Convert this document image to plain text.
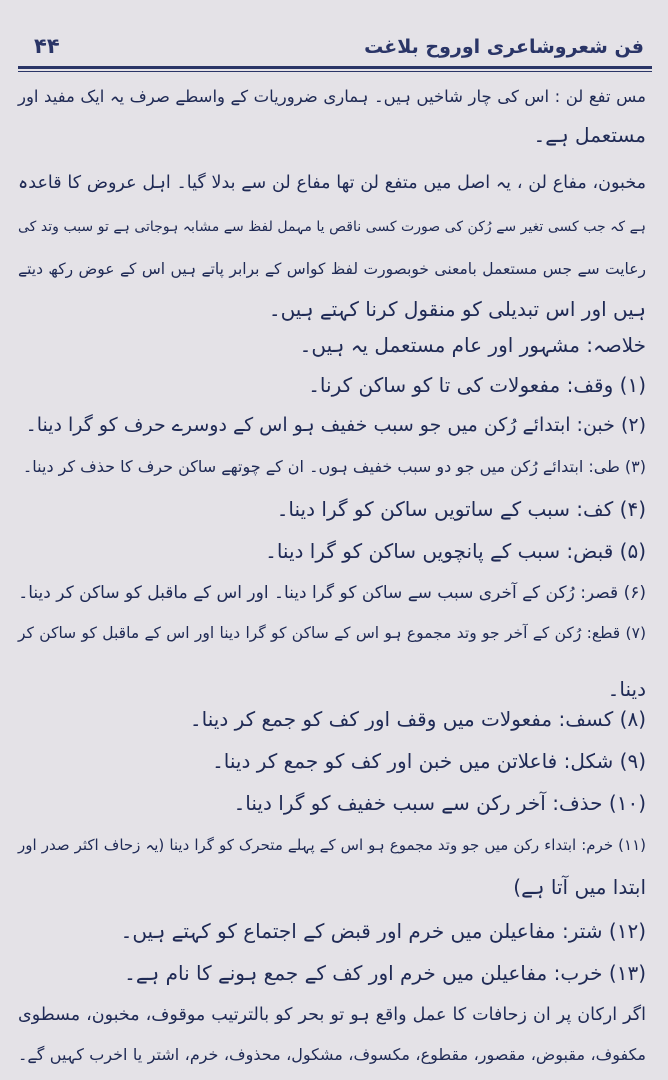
۴۴	فن شعروشاعری اوروح بلاغت
مس تفع لن : اس کی چار شاخیں ہیں۔ ہماری ضروریات کے واسطے صرف یہ ایک مفید اور
مستعمل ہے۔
مخبون، مفاع لن ، یہ اصل میں متفع لن تھا مفاع لن سے بدلا گیا۔ اہل عروض کا قاعدہ
ہے کہ جب کسی تغیر سے رُکن کی صورت کسی ناقص یا مہمل لفظ سے مشابہ ہوجاتی ہے تو سبب وتد کی
رعایت سے جس مستعمل بامعنی خوبصورت لفظ کواس کے برابر پاتے ہیں اس کے عوض رکھ دیتے
ہیں اور اس تبدیلی کو منقول کرنا کہتے ہیں۔
خلاصہ: مشہور اور عام مستعمل یہ ہیں۔
(۱) وقف: مفعولات کی تا کو ساکن کرنا۔
(۲) خبن: ابتدائے رُکن میں جو سبب خفیف ہو اس کے دوسرے حرف کو گرا دینا۔
(۳) طی: ابتدائے رُکن میں جو دو سبب خفیف ہوں۔ ان کے چوتھے ساکن حرف کا حذف کر دینا۔
(۴) کف: سبب کے ساتویں ساکن کو گرا دینا۔
(۵) قبض: سبب کے پانچویں ساکن کو گرا دینا۔
(۶) قصر: رُکن کے آخری سبب سے ساکن کو گرا دینا۔ اور اس کے ماقبل کو ساکن کر دینا۔
(۷) قطع: رُکن کے آخر جو وتد مجموع ہو اس کے ساکن کو گرا دینا اور اس کے ماقبل کو ساکن کر
دینا۔
(۸) کسف: مفعولات میں وقف اور کف کو جمع کر دینا۔
(۹) شکل: فاعلاتن میں خبن اور کف کو جمع کر دینا۔
(۱۰) حذف: آخر رکن سے سبب خفیف کو گرا دینا۔
(۱۱) خرم: ابتداء رکن میں جو وتد مجموع ہو اس کے پہلے متحرک کو گرا دینا (یہ زحاف اکثر صدر اور
ابتدا میں آتا ہے)
(۱۲) شتر: مفاعیلن میں خرم اور قبض کے اجتماع کو کہتے ہیں۔
(۱۳) خرب: مفاعیلن میں خرم اور کف کے جمع ہونے کا نام ہے۔
اگر ارکان پر ان زحافات کا عمل واقع ہو تو بحر کو بالترتیب موقوف، مخبون، مسطوی
مکفوف، مقبوض، مقصور، مقطوع، مکسوف، مشکول، محذوف، خرم، اشتر یا اخرب کہیں گے۔
